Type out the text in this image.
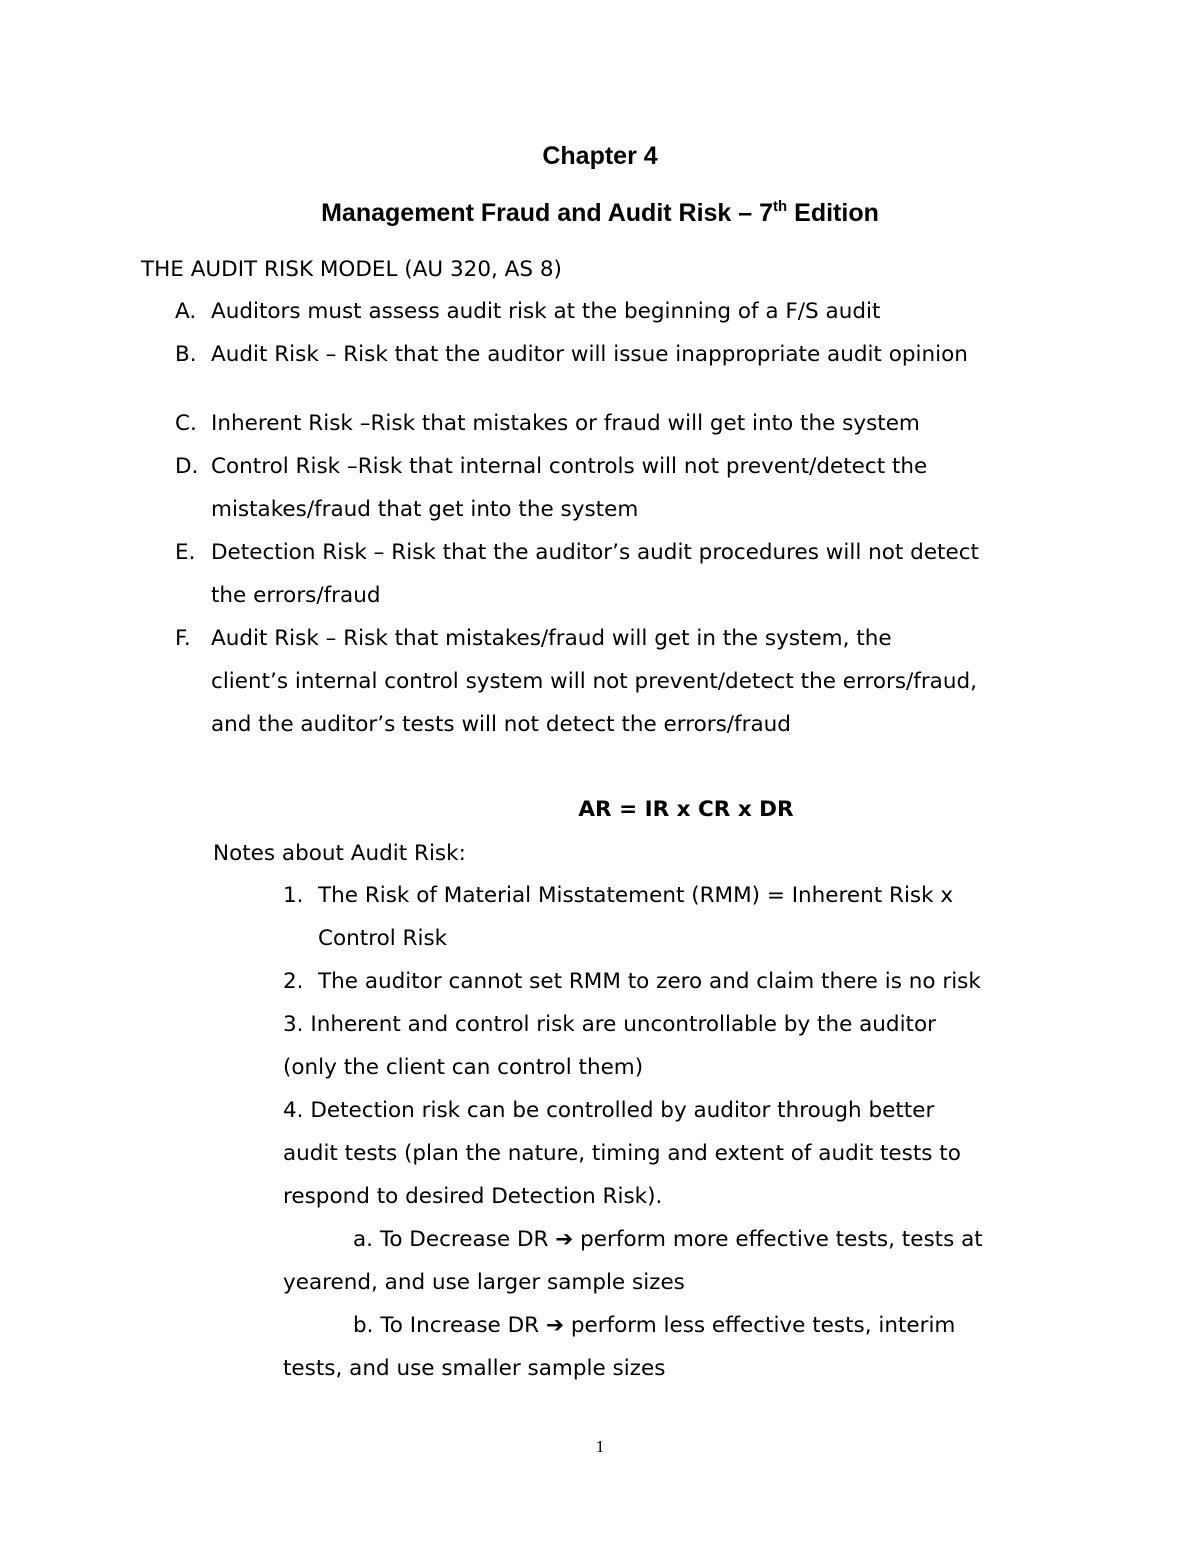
Chapter 4
Management Fraud and Audit Risk – 7th Edition
THE AUDIT RISK MODEL (AU 320, AS 8)
A. Auditors must assess audit risk at the beginning of a F/S audit
B. Audit Risk – Risk that the auditor will issue inappropriate audit opinion
C. Inherent Risk –Risk that mistakes or fraud will get into the system
D. Control Risk –Risk that internal controls will not prevent/detect the
mistakes/fraud that get into the system
E. Detection Risk – Risk that the auditor’s audit procedures will not detect
the errors/fraud
F. Audit Risk – Risk that mistakes/fraud will get in the system, the
client’s internal control system will not prevent/detect the errors/fraud,
and the auditor’s tests will not detect the errors/fraud
AR = IR x CR x DR
Notes about Audit Risk:
1. The Risk of Material Misstatement (RMM) = Inherent Risk x
Control Risk
2. The auditor cannot set RMM to zero and claim there is no risk
3. Inherent and control risk are uncontrollable by the auditor
(only the client can control them)
4. Detection risk can be controlled by auditor through better
audit tests (plan the nature, timing and extent of audit tests to
respond to desired Detection Risk).
a. To Decrease DR ➔ perform more effective tests, tests at
yearend, and use larger sample sizes
b. To Increase DR ➔ perform less effective tests, interim
tests, and use smaller sample sizes
1
